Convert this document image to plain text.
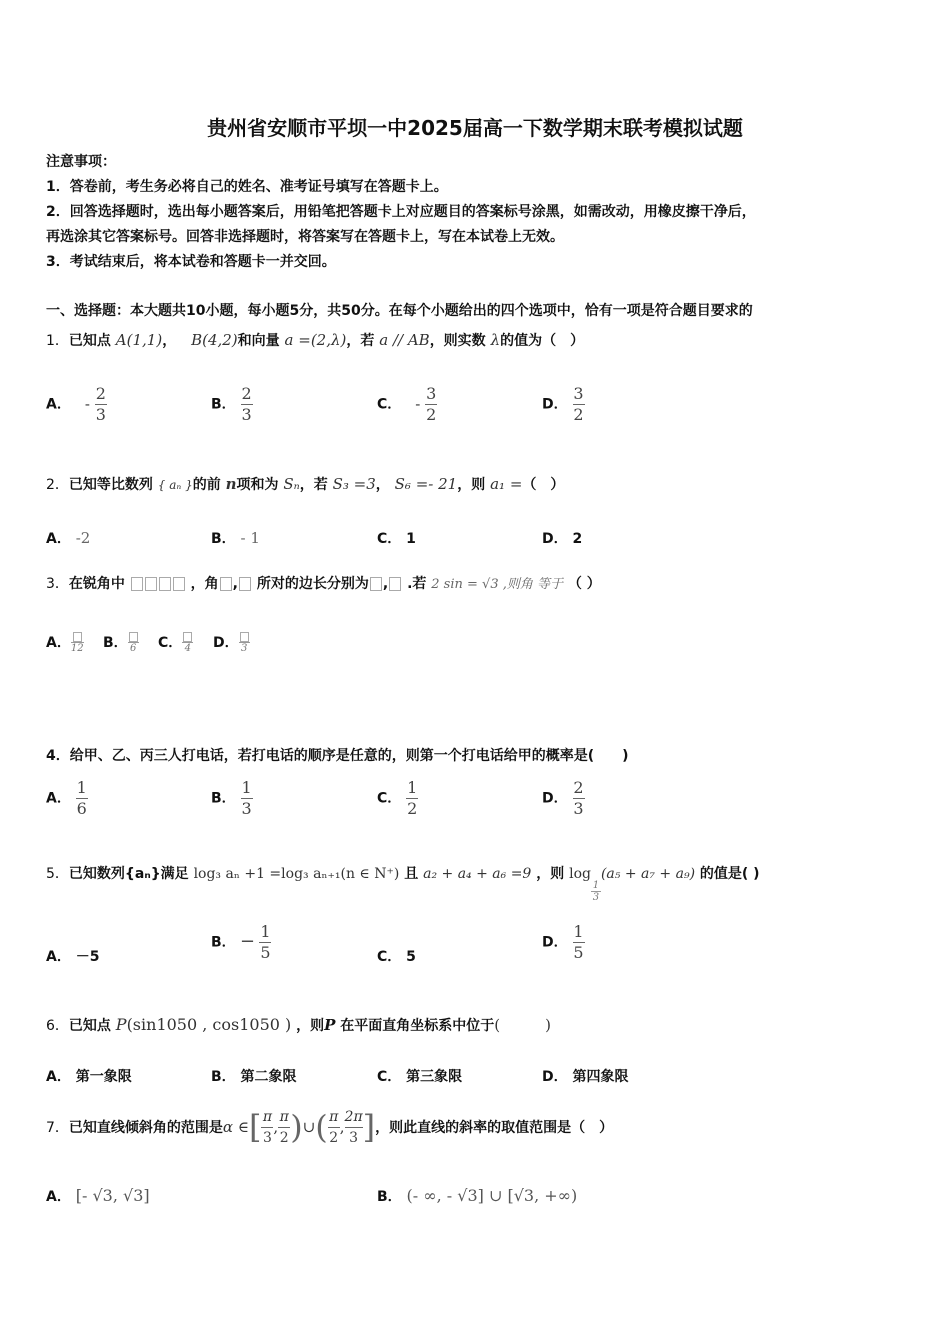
贵州省安顺市平坝一中2025届高一下数学期末联考模拟试题
注意事项：
1．答卷前，考生务必将自己的姓名、准考证号填写在答题卡上。
2．回答选择题时，选出每小题答案后，用铅笔把答题卡上对应题目的答案标号涂黑，如需改动，用橡皮擦干净后，
再选涂其它答案标号。回答非选择题时，将答案写在答题卡上，写在本试卷上无效。
3．考试结束后，将本试卷和答题卡一并交回。
一、选择题：本大题共10小题，每小题5分，共50分。在每个小题给出的四个选项中，恰有一项是符合题目要求的
1．已知点 A(1,1)， B(4,2)和向量 a =(2,λ)，若 a // AB，则实数 λ的值为（　）
A． - $\frac{2}{3}$	B． $\frac{2}{3}$	C． - $\frac{3}{2}$	D． $\frac{3}{2}$
2．已知等比数列 { aₙ }的前 n项和为 Sₙ，若 S₃ =3， S₆ =- 21，则 a₁ =（　）
A． -2	B． - 1	C． 1	D． 2
3．在锐角中	，角 , 所对的边长分别为 , .若 2 sin = √3 ,则角 等于 （ ）
A． 12 B． 6 C． 4 D． 3
4．给甲、乙、丙三人打电话，若打电话的顺序是任意的，则第一个打电话给甲的概率是(　　)
A． $\frac{1}{6}$	B． $\frac{1}{3}$	C． $\frac{1}{2}$	D． $\frac{2}{3}$
5．已知数列{aₙ}满足 log₃ aₙ +1 =log₃ aₙ₊₁(n ∈ N⁺) 且 a₂ + a₄ + a₆ =9 ，则 log
$\frac{1}{3}$
(a₅ + a₇ + a₉) 的值是( )
A． －5
B． － $\frac{1}{5}$	C． 5
D． $\frac{1}{5}$
6．已知点 P(sin1050 , cos1050 ) ，则P 在平面直角坐标系中位于(　　　)
A． 第一象限	B． 第二象限	C． 第三象限	D． 第四象限
7． 已知直线倾斜角的范围是 α ∈ [ $\frac{\pi}{3}$ , $\frac{\pi}{2}$ ) ∪ ( $\frac{\pi}{2}$ , $\frac{2\pi}{3}$ ] ，则此直线的斜率的取值范围是（　）
A． [- √3, √3]	B． (- ∞, - √3] ∪ [√3, +∞)
